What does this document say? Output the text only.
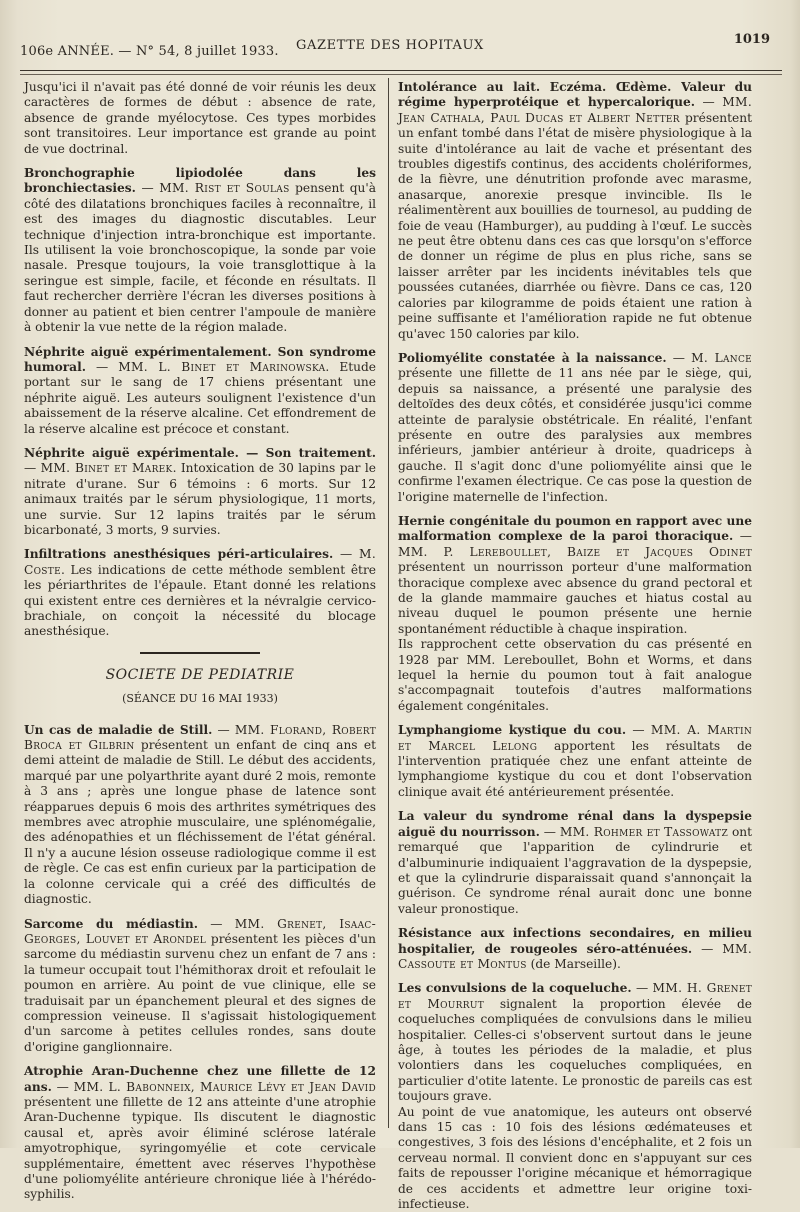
106e ANNÉE. — N° 54, 8 juillet 1933. GAZETTE DES HOPITAUX	1019

Jusqu'ici il n'avait pas été donné de voir réunis les deux caractères de formes de début : absence de rate, absence de grande myélocytose. Ces types morbides sont transitoires. Leur importance est grande au point de vue doctrinal.

Bronchographie lipiodolée dans les bronchiectasies. — MM. Rist et Soulas pensent qu'à côté des dilatations bronchiques faciles à reconnaître, il est des images du diagnostic discutables. Leur technique d'injection intra-bronchique est importante. Ils utilisent la voie bronchoscopique, la sonde par voie nasale. Presque toujours, la voie transglottique à la seringue est simple, facile, et féconde en résultats. Il faut rechercher derrière l'écran les diverses positions à donner au patient et bien centrer l'ampoule de manière à obtenir la vue nette de la région malade.

Néphrite aiguë expérimentalement. Son syndrome humoral. — MM. L. Binet et Marinowska. Etude portant sur le sang de 17 chiens présentant une néphrite aiguë. Les auteurs soulignent l'existence d'un abaissement de la réserve alcaline. Cet effondrement de la réserve alcaline est précoce et constant.

Néphrite aiguë expérimentale. — Son traitement. — MM. Binet et Marek. Intoxication de 30 lapins par le nitrate d'urane. Sur 6 témoins : 6 morts. Sur 12 animaux traités par le sérum physiologique, 11 morts, une survie. Sur 12 lapins traités par le sérum bicarbonaté, 3 morts, 9 survies.

Infiltrations anesthésiques péri-articulaires. — M. Coste. Les indications de cette méthode semblent être les périarthrites de l'épaule. Etant donné les relations qui existent entre ces dernières et la névralgie cervico-brachiale, on conçoit la nécessité du blocage anesthésique.

SOCIETE DE PEDIATRIE
(SÉANCE DU 16 MAI 1933)

Un cas de maladie de Still. — MM. Florand, Robert Broca et Gilbrin présentent un enfant de cinq ans et demi atteint de maladie de Still. Le début des accidents, marqué par une polyarthrite ayant duré 2 mois, remonte à 3 ans ; après une longue phase de latence sont réapparues depuis 6 mois des arthrites symétriques des membres avec atrophie musculaire, une splénomégalie, des adénopathies et un fléchissement de l'état général. Il n'y a aucune lésion osseuse radiologique comme il est de règle. Ce cas est enfin curieux par la participation de la colonne cervicale qui a créé des difficultés de diagnostic.

Sarcome du médiastin. — MM. Grenet, Isaac-Georges, Louvet et Arondel présentent les pièces d'un sarcome du médiastin survenu chez un enfant de 7 ans : la tumeur occupait tout l'hémithorax droit et refoulait le poumon en arrière. Au point de vue clinique, elle se traduisait par un épanchement pleural et des signes de compression veineuse. Il s'agissait histologiquement d'un sarcome à petites cellules rondes, sans doute d'origine ganglionnaire.

Atrophie Aran-Duchenne chez une fillette de 12 ans. — MM. L. Babonneix, Maurice Lévy et Jean David présentent une fillette de 12 ans atteinte d'une atrophie Aran-Duchenne typique. Ils discutent le diagnostic causal et, après avoir éliminé sclérose latérale amyotrophique, syringomyélie et cote cervicale supplémentaire, émettent avec réserves l'hypothèse d'une poliomyélite antérieure chronique liée à l'hérédo-syphilis.

Intolérance au lait. Eczéma. Œdème. Valeur du régime hyperprotéique et hypercalorique. — MM. Jean Cathala, Paul Ducas et Albert Netter présentent un enfant tombé dans l'état de misère physiologique à la suite d'intolérance au lait de vache et présentant des troubles digestifs continus, des accidents cholériformes, de la fièvre, une dénutrition profonde avec marasme, anasarque, anorexie presque invincible. Ils le réalimentèrent aux bouillies de tournesol, au pudding de foie de veau (Hamburger), au pudding à l'œuf. Le succès ne peut être obtenu dans ces cas que lorsqu'on s'efforce de donner un régime de plus en plus riche, sans se laisser arrêter par les incidents inévitables tels que poussées cutanées, diarrhée ou fièvre. Dans ce cas, 120 calories par kilogramme de poids étaient une ration à peine suffisante et l'amélioration rapide ne fut obtenue qu'avec 150 calories par kilo.

Poliomyélite constatée à la naissance. — M. Lance présente une fillette de 11 ans née par le siège, qui, depuis sa naissance, a présenté une paralysie des deltoïdes des deux côtés, et considérée jusqu'ici comme atteinte de paralysie obstétricale. En réalité, l'enfant présente en outre des paralysies aux membres inférieurs, jambier antérieur à droite, quadriceps à gauche. Il s'agit donc d'une poliomyélite ainsi que le confirme l'examen électrique. Ce cas pose la question de l'origine maternelle de l'infection.

Hernie congénitale du poumon en rapport avec une malformation complexe de la paroi thoracique. — MM. P. Lereboullet, Baize et Jacques Odinet présentent un nourrisson porteur d'une malformation thoracique complexe avec absence du grand pectoral et de la glande mammaire gauches et hiatus costal au niveau duquel le poumon présente une hernie spontanément réductible à chaque inspiration.

Ils rapprochent cette observation du cas présenté en 1928 par MM. Lereboullet, Bohn et Worms, et dans lequel la hernie du poumon tout à fait analogue s'accompagnait toutefois d'autres malformations également congénitales.

Lymphangiome kystique du cou. — MM. A. Martin et Marcel Lelong apportent les résultats de l'intervention pratiquée chez une enfant atteinte de lymphangiome kystique du cou et dont l'observation clinique avait été antérieurement présentée.

La valeur du syndrome rénal dans la dyspepsie aiguë du nourrisson. — MM. Rohmer et Tassowatz ont remarqué que l'apparition de cylindrurie et d'albuminurie indiquaient l'aggravation de la dyspepsie, et que la cylindrurie disparaissait quand s'annonçait la guérison. Ce syndrome rénal aurait donc une bonne valeur pronostique.

Résistance aux infections secondaires, en milieu hospitalier, de rougeoles séro-atténuées. — MM. Cassoute et Montus (de Marseille).

Les convulsions de la coqueluche. — MM. H. Grenet et Mourrut signalent la proportion élevée de coqueluches compliquées de convulsions dans le milieu hospitalier. Celles-ci s'observent surtout dans le jeune âge, à toutes les périodes de la maladie, et plus volontiers dans les coqueluches compliquées, en particulier d'otite latente. Le pronostic de pareils cas est toujours grave.

Au point de vue anatomique, les auteurs ont observé dans 15 cas : 10 fois des lésions œdémateuses et congestives, 3 fois des lésions d'encéphalite, et 2 fois un cerveau normal. Il convient donc en s'appuyant sur ces faits de repousser l'origine mécanique et hémorragique de ces accidents et admettre leur origine toxi-infectieuse.
